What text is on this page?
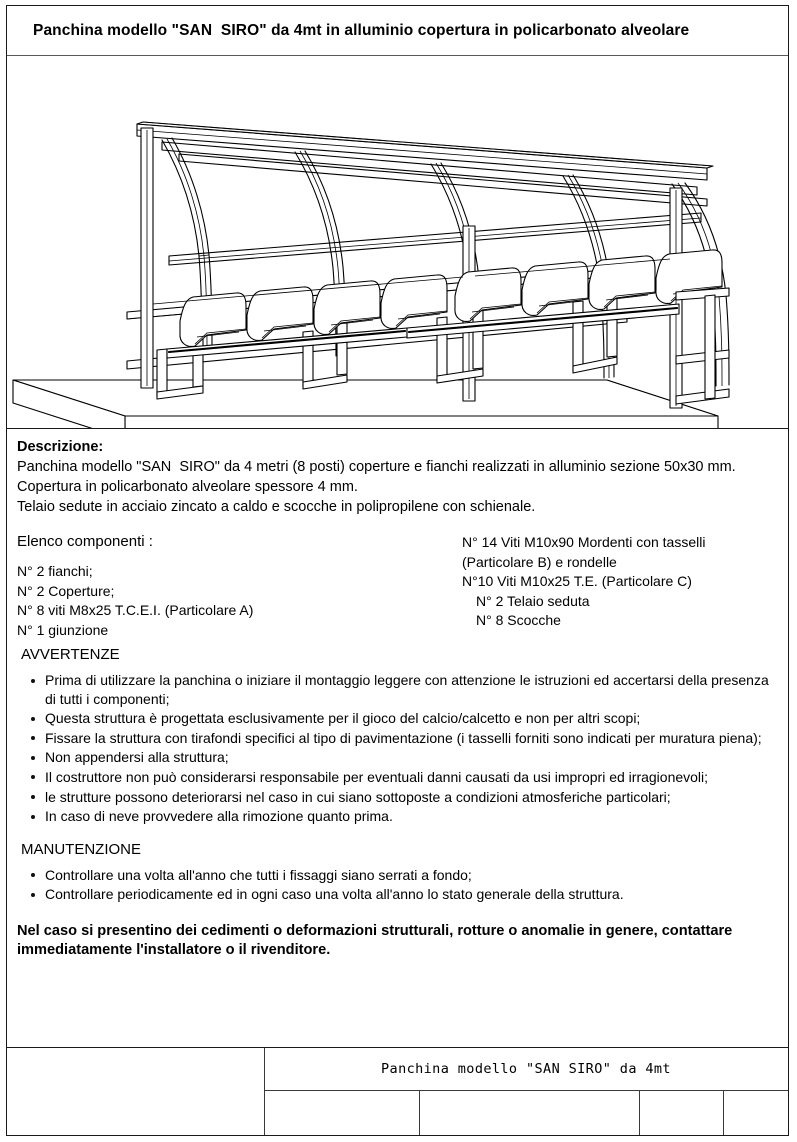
Panchina modello "SAN  SIRO" da 4mt in alluminio copertura in policarbonato alveolare
Descrizione:
Panchina modello "SAN  SIRO" da 4 metri (8 posti) coperture e fianchi realizzati in alluminio sezione 50x30 mm.
Copertura in policarbonato alveolare spessore 4 mm.
Telaio sedute in acciaio zincato a caldo e scocche in polipropilene con schienale.
Elenco componenti :
N° 2 fianchi;
N° 2 Coperture;
N° 8 viti M8x25 T.C.E.I. (Particolare A)
N° 1 giunzione
N° 14 Viti M10x90 Mordenti con tasselli
(Particolare B) e rondelle
N°10 Viti M10x25 T.E. (Particolare C)
N° 2 Telaio seduta
N° 8 Scocche
AVVERTENZE
Prima di utilizzare la panchina o iniziare il montaggio leggere con attenzione le istruzioni ed accertarsi della presenza di tutti i componenti;
Questa struttura è progettata esclusivamente per il gioco del calcio/calcetto e non per altri scopi;
Fissare la struttura con tirafondi specifici al tipo di pavimentazione (i tasselli forniti sono indicati per muratura piena);
Non appendersi alla struttura;
Il costruttore non può considerarsi responsabile per eventuali danni causati da usi impropri ed irragionevoli;
le strutture possono deteriorarsi nel caso in cui siano sottoposte a condizioni atmosferiche particolari;
In caso di neve provvedere alla rimozione quanto prima.
MANUTENZIONE
Controllare una volta all'anno che tutti i fissaggi siano serrati a fondo;
Controllare periodicamente ed in ogni caso una volta all'anno lo stato generale della struttura.
Nel caso si presentino dei cedimenti o deformazioni strutturali, rotture o anomalie in genere, contattare immediatamente l'installatore o il rivenditore.
Panchina modello "SAN SIRO" da 4mt
